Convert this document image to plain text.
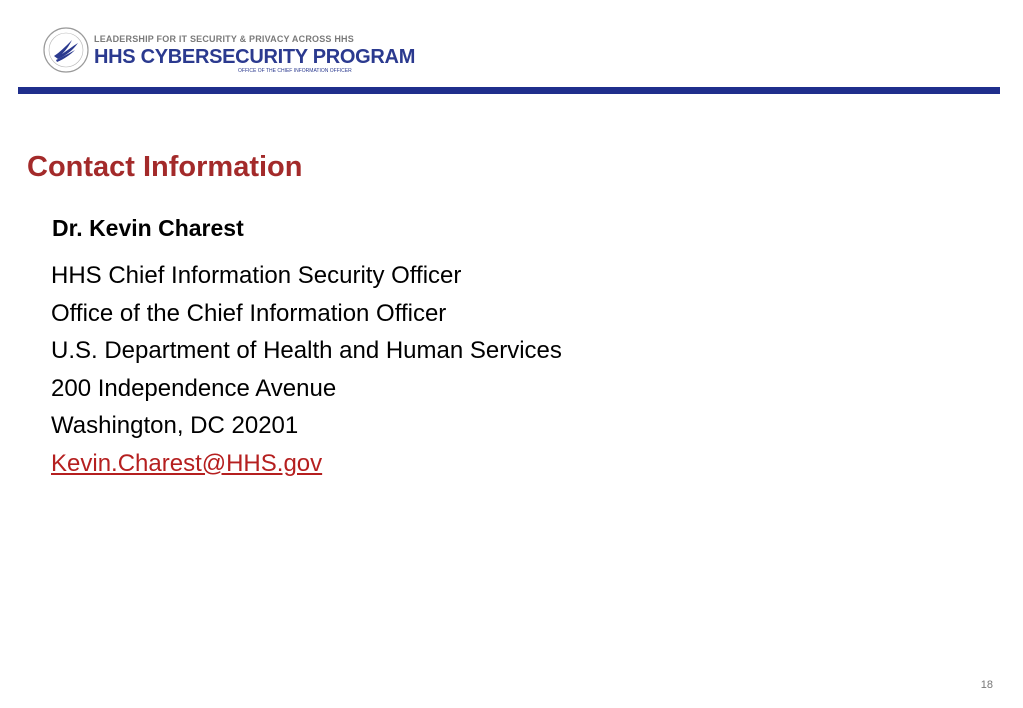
LEADERSHIP FOR IT SECURITY & PRIVACY ACROSS HHS
HHS CYBERSECURITY PROGRAM
OFFICE OF THE CHIEF INFORMATION OFFICER
Contact Information
Dr. Kevin Charest
HHS Chief Information Security Officer
Office of the Chief Information Officer
U.S. Department of Health and Human Services
200 Independence Avenue
Washington, DC 20201
Kevin.Charest@HHS.gov
18
